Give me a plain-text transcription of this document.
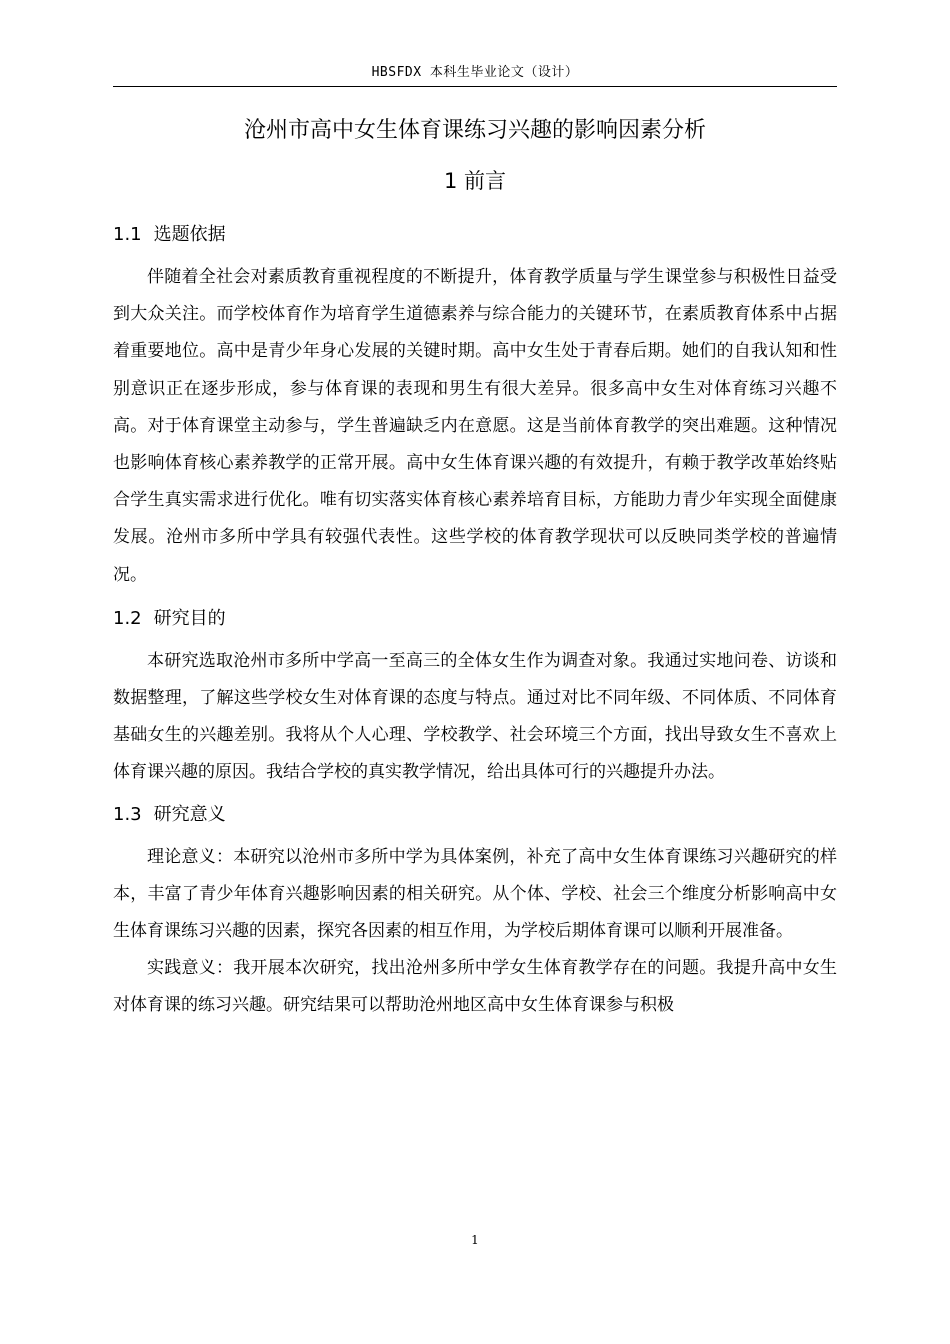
HBSFDX 本科生毕业论文（设计）
沧州市高中女生体育课练习兴趣的影响因素分析
1 前言
1.1 选题依据

伴随着全社会对素质教育重视程度的不断提升，体育教学质量与学生课堂参与积极性日益受到大众关注。而学校体育作为培育学生道德素养与综合能力的关键环节，在素质教育体系中占据着重要地位。高中是青少年身心发展的关键时期。高中女生处于青春后期。她们的自我认知和性别意识正在逐步形成，参与体育课的表现和男生有很大差异。很多高中女生对体育练习兴趣不高。对于体育课堂主动参与，学生普遍缺乏内在意愿。这是当前体育教学的突出难题。这种情况也影响体育核心素养教学的正常开展。高中女生体育课兴趣的有效提升，有赖于教学改革始终贴合学生真实需求进行优化。唯有切实落实体育核心素养培育目标，方能助力青少年实现全面健康发展。沧州市多所中学具有较强代表性。这些学校的体育教学现状可以反映同类学校的普遍情况。

1.2 研究目的

本研究选取沧州市多所中学高一至高三的全体女生作为调查对象。我通过实地问卷、访谈和数据整理，了解这些学校女生对体育课的态度与特点。通过对比不同年级、不同体质、不同体育基础女生的兴趣差别。我将从个人心理、学校教学、社会环境三个方面，找出导致女生不喜欢上体育课兴趣的原因。我结合学校的真实教学情况，给出具体可行的兴趣提升办法。

1.3 研究意义

理论意义：本研究以沧州市多所中学为具体案例，补充了高中女生体育课练习兴趣研究的样本，丰富了青少年体育兴趣影响因素的相关研究。从个体、学校、社会三个维度分析影响高中女生体育课练习兴趣的因素，探究各因素的相互作用，为学校后期体育课可以顺利开展准备。

实践意义：我开展本次研究，找出沧州多所中学女生体育教学存在的问题。我提升高中女生对体育课的练习兴趣。研究结果可以帮助沧州地区高中女生体育课参与积极

1
